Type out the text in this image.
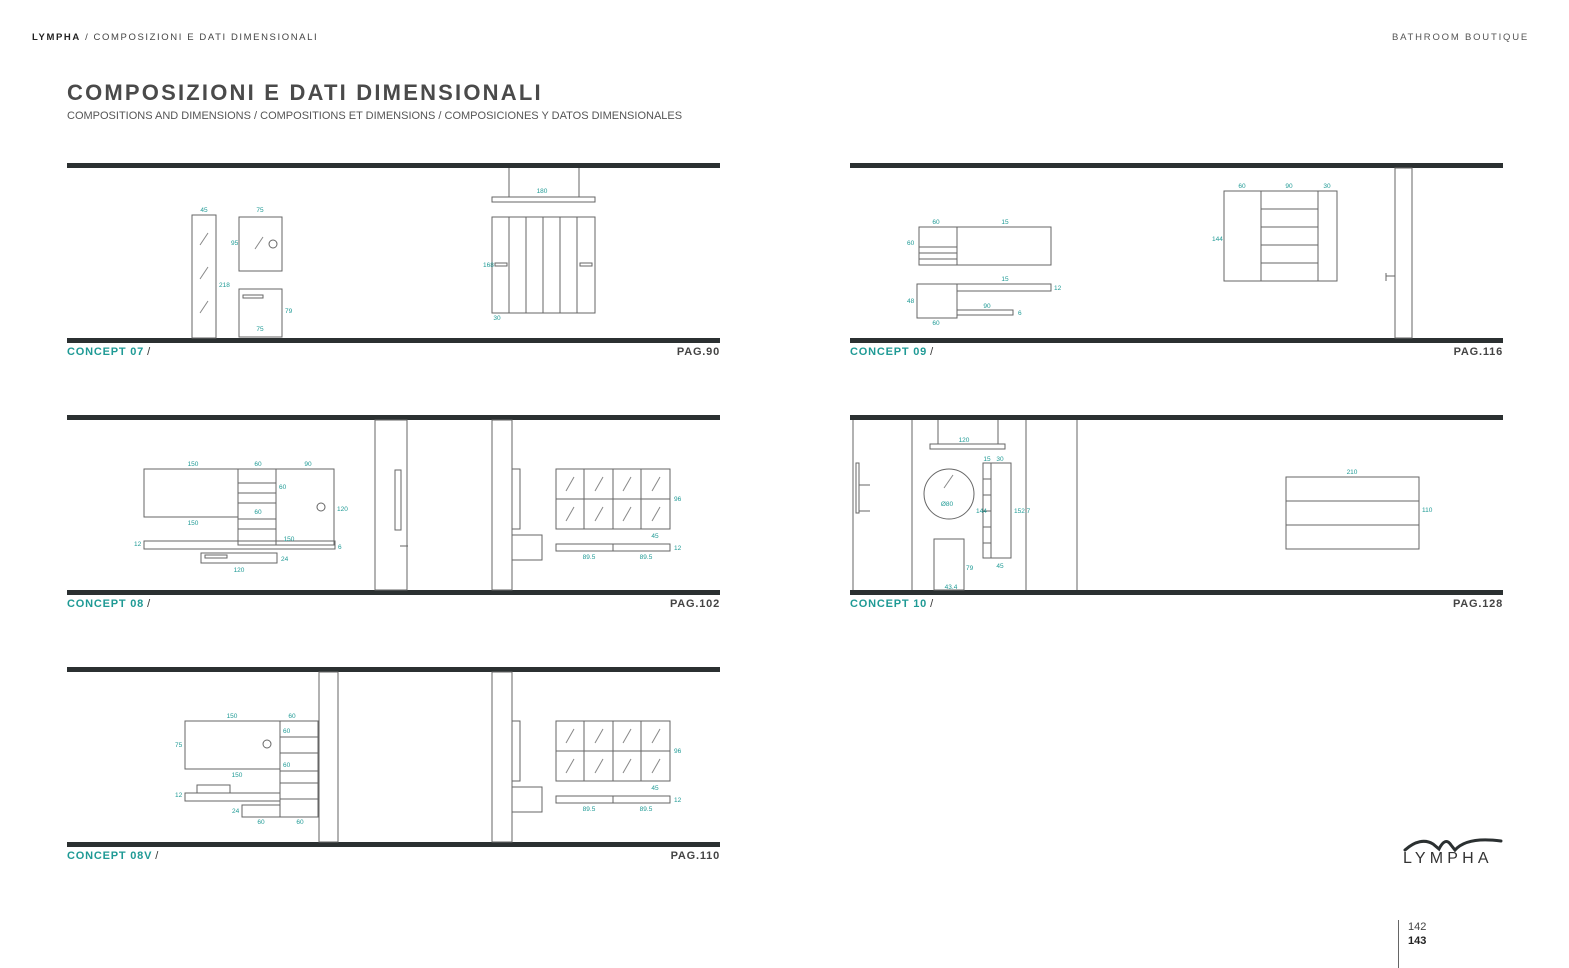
LYMPHA / COMPOSIZIONI E DATI DIMENSIONALI	BATHROOM BOUTIQUE
COMPOSIZIONI E DATI DIMENSIONALI
COMPOSITIONS AND DIMENSIONS / COMPOSITIONS ET DIMENSIONS / COMPOSICIONES Y DATOS DIMENSIONALES
45	75
95
218
79
75
180
168
30
CONCEPT 07 /	PAG.90
60	15
60
15
12
48
90
60
6
60	90	30
144
CONCEPT 09 /	PAG.116
150	60	90
60
120
60
150
150
12	6
24
120
45
12
89.5	89.5
96
CONCEPT 08 /	PAG.102
120
15 30
Ø80
144	152.7
79	45
43.4
210
110
CONCEPT 10 /	PAG.128
150	60
75
60
60
150
12
24
60	60
45
12
89.5	89.5
96
CONCEPT 08V /	PAG.110	LYMPHA
142
143
